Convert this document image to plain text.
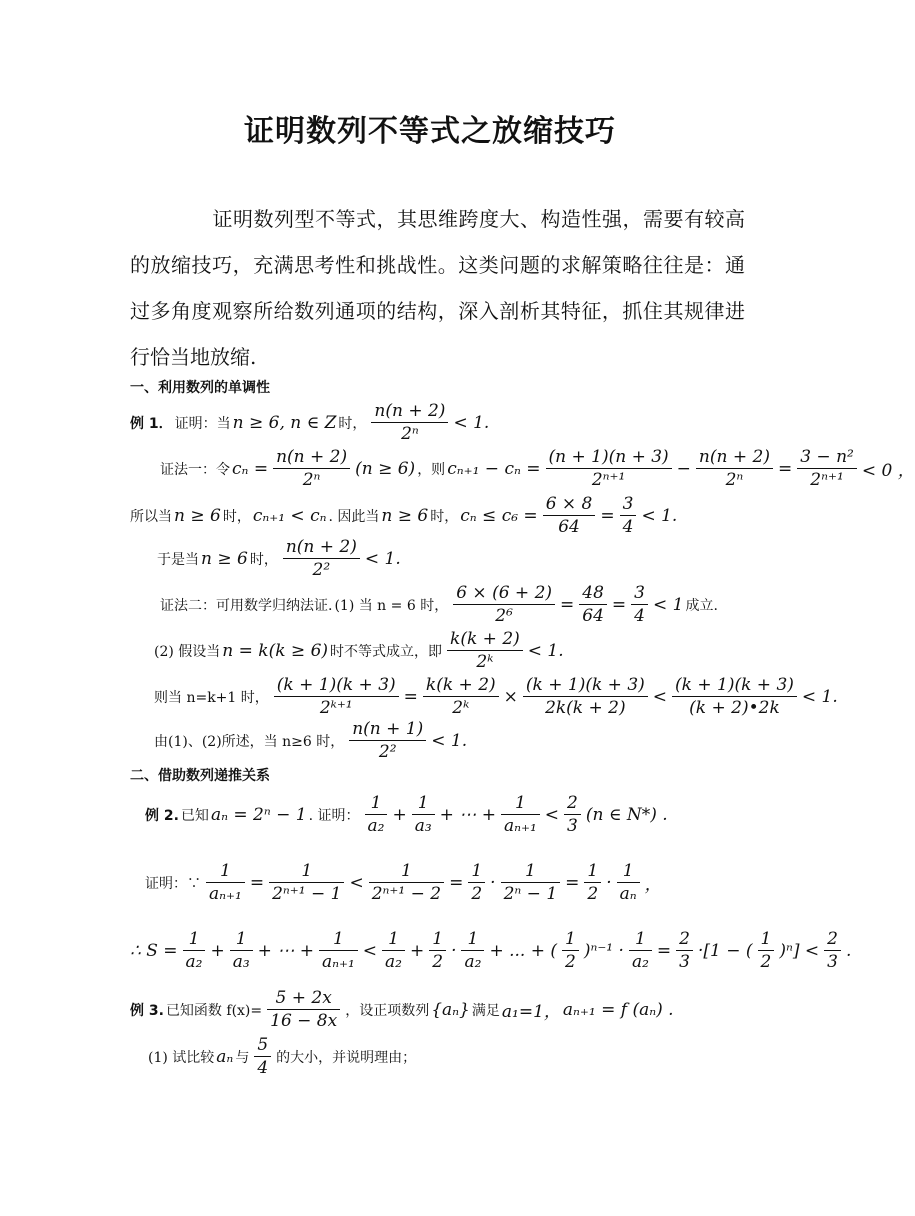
证明数列不等式之放缩技巧
证明数列型不等式，其思维跨度大、构造性强，需要有较高的放缩技巧，充满思考性和挑战性。这类问题的求解策略往往是：通过多角度观察所给数列通项的结构，深入剖析其特征，抓住其规律进行恰当地放缩.
一、利用数列的单调性
例 1． 证明：当 n ≥ 6, n ∈ Z 时， $\frac{n(n + 2)}{\text{2ⁿ}} < 1$.
证法一：令 $c_n = \frac{n(n + 2)}{\text{2ⁿ}} (n \ge 6)$ ，则 $c_{n+1} - c_n = \frac{(n + 1)(n + 3)}{\text{2ⁿ⁺¹}} - \frac{n(n + 2)}{\text{2ⁿ}} = \frac{\text{3 − n²}}{\text{2ⁿ⁺¹}} < 0$ ，
所以当 n ≥ 6 时， cₙ₊₁ < cₙ . 因此当 n ≥ 6 时， $c_n \le c_6 = \frac{6 \times 8}{64} = \frac{3}{4} < 1$.
于是当 n ≥ 6 时， $\frac{n(n + 2)}{\text{2²}} < 1$.
证法二：可用数学归纳法证. (1) 当 n = 6 时， $\frac{6 \times (6 + 2)}{\text{2⁶}} = \frac{48}{64} = \frac{3}{4} < 1$ 成立.
(2) 假设当 n = k(k ≥ 6) 时不等式成立，即 $\frac{k(k + 2)}{\text{2ᵏ}} < 1$.
则当 n=k+1 时， $\frac{(k + 1)(k + 3)}{\text{2ᵏ⁺¹}} = \frac{k(k + 2)}{\text{2ᵏ}} \times \frac{(k + 1)(k + 3)}{2k(k + 2)} < \frac{(k + 1)(k + 3)}{(k + 2)•2k} < 1$.
由(1)、(2)所述，当 n≥6 时， $\frac{n(n + 1)}{\text{2²}} < 1$.
二、借助数列递推关系
例 2. 已知 aₙ = 2ⁿ − 1 . 证明： $\frac{1}{\text{a₂}} + \frac{1}{\text{a₃}}$ + ⋯ + $\frac{1}{\text{aₙ₊₁}} < \frac{2}{3} (n$ ∈ N*) .
证明：∵ $\frac{1}{\text{aₙ₊₁}} = \frac{1}{\text{2ⁿ⁺¹ − 1}} < \frac{1}{\text{2ⁿ⁺¹ − 2}} = \frac{1}{2} \cdot \frac{1}{\text{2ⁿ − 1}} = \frac{1}{2} \cdot \frac{1}{\text{aₙ}}$ ，
∴ $S = \frac{1}{\text{a₂}} + \frac{1}{\text{a₃}}$ + ⋯ + $\frac{1}{\text{aₙ₊₁}} < \frac{1}{\text{a₂}} + \frac{1}{2} \cdot \frac{1}{\text{a₂}}$ + ... + ( $\frac{1}{2} )^{n-1} \cdot \frac{1}{\text{a₂}} = \frac{2}{3} \cdot[1$ − ( $\frac{1}{2} )^n] < \frac{2}{3}$ .
例 3. 已知函数 $f(x)= \frac{5 + 2x}{16 - 8x}$ ，设正项数列 {aₙ} 满足 a₁=1， aₙ₊₁ = f (aₙ) .
(1) 试比较 aₙ 与 $\frac{5}{4}$ 的大小，并说明理由；
